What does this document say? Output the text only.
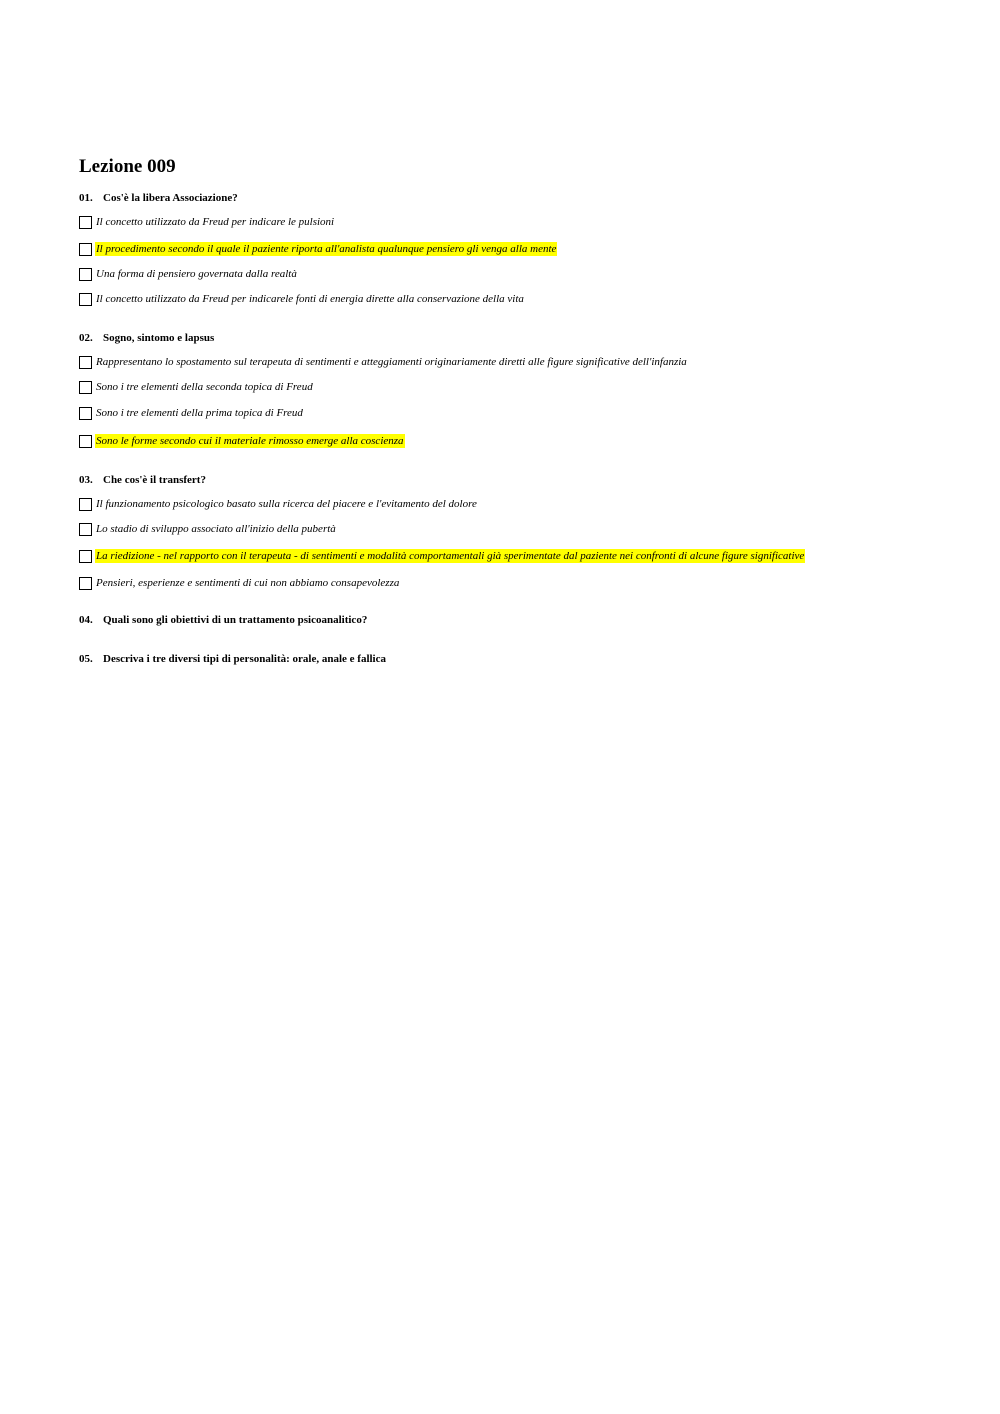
Lezione 009
01. Cos'è la libera Associazione?
Il concetto utilizzato da Freud per indicare le pulsioni
Il procedimento secondo il quale il paziente riporta all'analista qualunque pensiero gli venga alla mente
Una forma di pensiero governata dalla realtà
Il concetto utilizzato da Freud per indicarele fonti di energia dirette alla conservazione della vita
02. Sogno, sintomo e lapsus
Rappresentano lo spostamento sul terapeuta di sentimenti e atteggiamenti originariamente diretti alle figure significative dell'infanzia
Sono i tre elementi della seconda topica di Freud
Sono i tre elementi della prima topica di Freud
Sono le forme secondo cui il materiale rimosso emerge alla coscienza
03. Che cos'è il transfert?
Il funzionamento psicologico basato sulla ricerca del piacere e l'evitamento del dolore
Lo stadio di sviluppo associato all'inizio della pubertà
La riedizione - nel rapporto con il terapeuta - di sentimenti e modalità comportamentali già sperimentate dal paziente nei confronti di alcune figure significative
Pensieri, esperienze e sentimenti di cui non abbiamo consapevolezza
04. Quali sono gli obiettivi di un trattamento psicoanalitico?
05. Descriva i tre diversi tipi di personalità: orale, anale e fallica
